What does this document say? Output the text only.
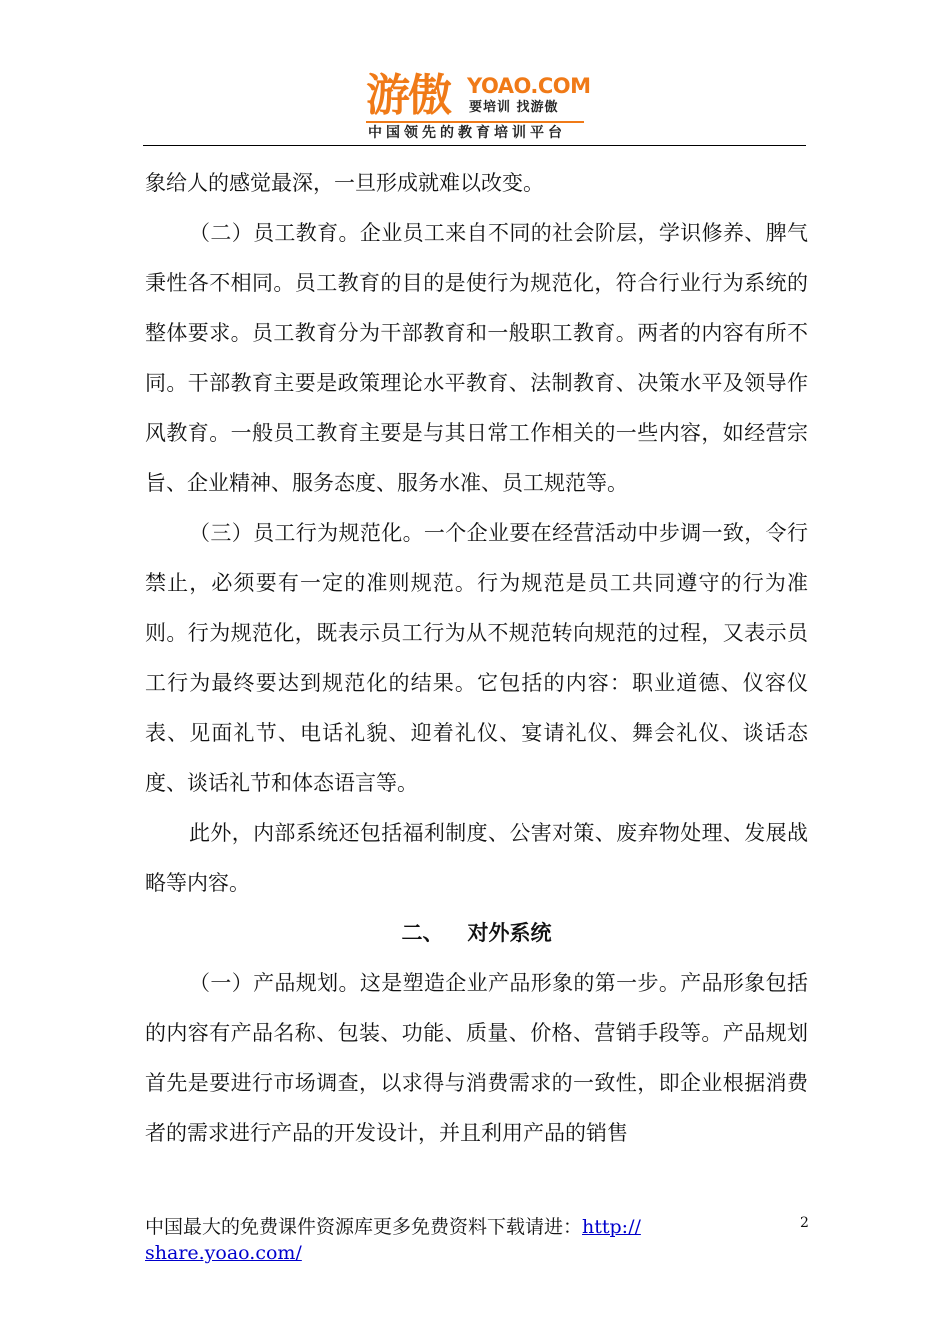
游傲 YOAO.COM
要培训 找游傲
中国领先的教育培训平台

象给人的感觉最深，一旦形成就难以改变。

（二）员工教育。企业员工来自不同的社会阶层，学识修养、脾气秉性各不相同。员工教育的目的是使行为规范化，符合行业行为系统的整体要求。员工教育分为干部教育和一般职工教育。两者的内容有所不同。干部教育主要是政策理论水平教育、法制教育、决策水平及领导作风教育。一般员工教育主要是与其日常工作相关的一些内容，如经营宗旨、企业精神、服务态度、服务水准、员工规范等。

（三）员工行为规范化。一个企业要在经营活动中步调一致，令行禁止，必须要有一定的准则规范。行为规范是员工共同遵守的行为准则。行为规范化，既表示员工行为从不规范转向规范的过程，又表示员工行为最终要达到规范化的结果。它包括的内容：职业道德、仪容仪表、见面礼节、电话礼貌、迎着礼仪、宴请礼仪、舞会礼仪、谈话态度、谈话礼节和体态语言等。

此外，内部系统还包括福利制度、公害对策、废弃物处理、发展战略等内容。

二、 对外系统

（一）产品规划。这是塑造企业产品形象的第一步。产品形象包括的内容有产品名称、包装、功能、质量、价格、营销手段等。产品规划首先是要进行市场调查，以求得与消费需求的一致性，即企业根据消费者的需求进行产品的开发设计，并且利用产品的销售

中国最大的免费课件资源库更多免费资料下载请进：http://
share.yoao.com/
2
